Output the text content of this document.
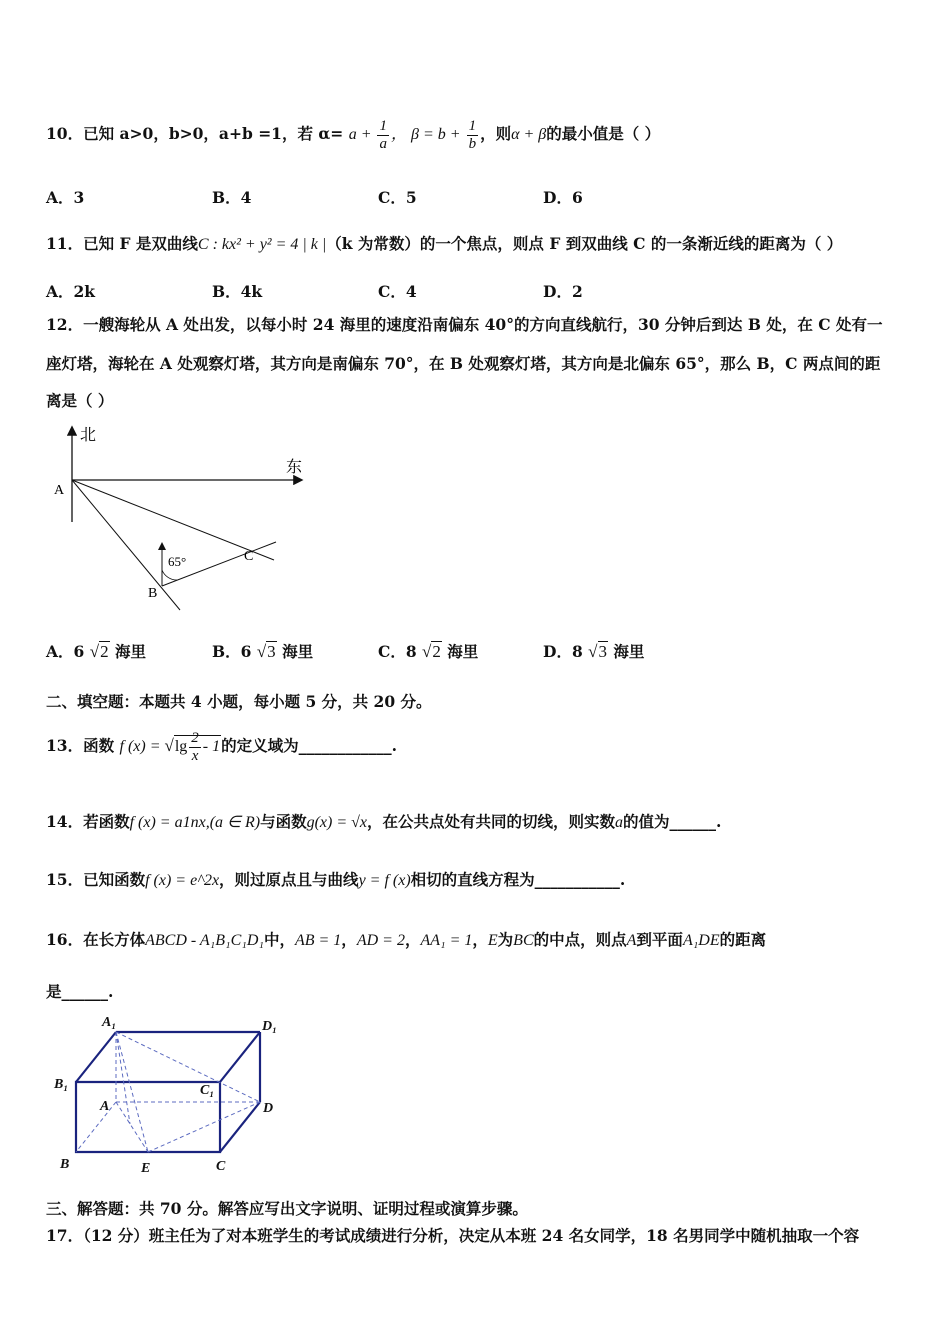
10．已知 a>0，b>0，a+b =1，若 $\alpha= a + \frac{1}{a}$ ， $\beta = b + \frac{1}{b}$ ，则α + β的最小值是（ ）
A．3	B．4	C．5	D．6
11．已知 F 是双曲线C : kx² + y² = 4 | k |（k 为常数）的一个焦点，则点 F 到双曲线 C 的一条渐近线的距离为（ ）
A．2k	B．4k	C．4	D．2
12．一艘海轮从 A 处出发，以每小时 24 海里的速度沿南偏东 40°的方向直线航行，30 分钟后到达 B 处，在 C 处有一
座灯塔，海轮在 A 处观察灯塔，其方向是南偏东 70°，在 B 处观察灯塔，其方向是北偏东 65°，那么 B，C 两点间的距
离是（ ）
北
东
A
65°	C
B
A．6 √2 海里	B．6 √3 海里	C．8 √2 海里	D．8 √3 海里
二、填空题：本题共 4 小题，每小题 5 分，共 20 分。
13．函数 f $(x) = √\lg \frac{2}{x} - 1$的定义域为____________.
14．若函数f (x) = a1nx,(a ∈ R)与函数g(x) = √x，在公共点处有共同的切线，则实数a的值为______.
15．已知函数f (x) = e^2x，则过原点且与曲线y = f (x)相切的直线方程为___________.
16．在长方体ABCD - A₁B₁C₁D₁中，AB = 1，AD = 2，AA₁ = 1，E为BC的中点，则点A到平面A₁DE的距离
是______.
A₁	D₁
B₁	C₁
A	D
B	E	C
三、解答题：共 70 分。解答应写出文字说明、证明过程或演算步骤。
17．（12 分）班主任为了对本班学生的考试成绩进行分析，决定从本班 24 名女同学，18 名男同学中随机抽取一个容
